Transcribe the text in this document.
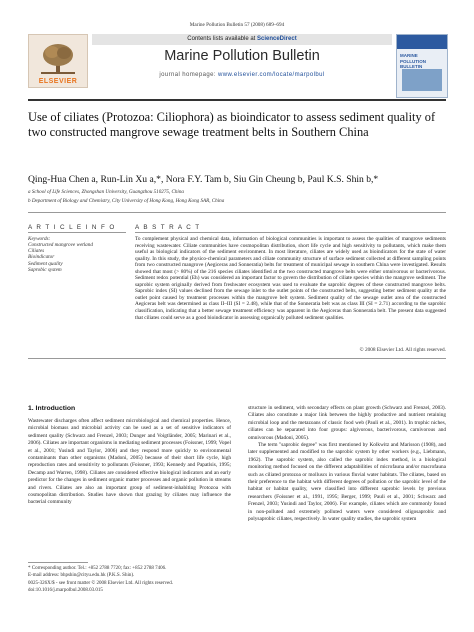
Marine Pollution Bulletin 57 (2008) 689–694
ELSEVIER
Contents lists available at ScienceDirect
Marine Pollution Bulletin
journal homepage: www.elsevier.com/locate/marpolbul
MARINE POLLUTION BULLETIN
Use of ciliates (Protozoa: Ciliophora) as bioindicator to assess sediment quality of two constructed mangrove sewage treatment belts in Southern China
Qing-Hua Chen a, Run-Lin Xu a,*, Nora F.Y. Tam b, Siu Gin Cheung b, Paul K.S. Shin b,*
a School of Life Sciences, Zhongshan University, Guangzhou 510275, China
b Department of Biology and Chemistry, City University of Hong Kong, Hong Kong SAR, China
A R T I C L E I N F O	A B S T R A C T
Keywords:
Constructed mangrove wetland
Ciliates
Bioindicator
Sediment quality
Saprobic system
To complement physical and chemical data, information of biological communities is important to assess the qualities of mangrove sediments receiving wastewater. Ciliate communities have cosmopolitan distribution, short life cycle and high sensitivity to pollutants, which make them useful as biological indicators of the sediment environment. In most literature, ciliates are widely used as bioindicators for the state of water quality. In this study, the physico-chemical parameters and ciliate community structure of surface sediment collected at different sampling points from two constructed mangrove (Aegiceras and Sonneratia) belts for treatment of municipal sewage in southern China were investigated. Results showed that most (> 80%) of the 216 species ciliates identified at the two constructed mangrove belts were either omnivorous or bacterivorous. Sediment redox potential (Eh) was considered an important factor to govern the distribution of ciliate species within the mangrove sediment. The saprobic system originally derived from freshwater ecosystem was used to evaluate the saprobic degrees of these constructed mangrove belts. Saprobic index (SI) values declined from the sewage inlet to the outlet points of the constructed belts, suggesting better sediment quality at the outlet point caused by treatment processes within the mangrove belt system. Sediment quality of the sewage outlet area of the constructed Aegiceras belt was determined as class II–III (SI = 2.48), while that of the Sonneratia belt was as class III (SI = 2.71) according to the saprobic classification, indicating that a better sewage treatment efficiency was apparent in the Aegiceras than Sonneratia belt. The present data suggested that ciliates could serve as a good bioindicator in assessing organically polluted sediment qualities.
© 2008 Elsevier Ltd. All rights reserved.
1. Introduction
Wastewater discharges often affect sediment microbiological and chemical properties. Hence, microbial biomass and microbial activity can be used as a set of sensitive indicators of sediment quality (Schwarz and Frenzel, 2003; Dunger and Voigtländer, 2005; Marinari et al., 2006). Ciliates are important organisms in mediating sediment processes (Foissner, 1999; Vopel et al., 2001; Yusindi and Taylor, 2006) and they respond more quickly to environmental contaminants than other organisms (Madoni, 2005) because of their short life cycle, high reproduction rates and sensitivity to pollutants (Foissner, 1993; Kennedy and Papatlsis, 1995; Decamp and Warren, 1998). Ciliates are considered effective biological indicators and an early predictor for the changes in sediment organic matter processes and organic pollution in streams and rivers. Ciliates are also an important group of sediment-inhabiting Protozoa with cosmopolitan distribution. Studies have shown that grazing by ciliates may influence the bacterial community
structure in sediment, with secondary effects on plant growth (Schwarz and Frenzel, 2003). Ciliates also constitute a major link between the highly productive and nutrient retaining microbial loop and the metazoans of classic food web (Pauli et al., 2001). In trophic niches, ciliates can be separated into four groups: algivorous, bacterivorous, carnivorous and omnivorous (Madoni, 2005).
The term "saprobic degree" was first mentioned by Kolkwitz and Marisson (1908), and later supplemented and modified to the saprobic system by other workers (e.g., Liebmann, 1962). The saprobic system, also called the saprobic index method, is a biological monitoring method focused on the different adaptabilities of microfauna and/or macrofauna such as ciliated protozoa or molluscs in various fluvial water habitats. The ciliates, based on their preference to the habitat with different degrees of pollution or the saprobic level of the habitat or habitat quality, were classified into different saprobic levels by previous researchers (Foissner et al., 1991, 1995; Berger, 1999; Pauli et al., 2001; Schwarz and Frenzel, 2003; Yusindi and Taylor, 2006). For example, ciliates which are commonly found in non-polluted and extremely polluted waters were considered oligosaprobic and polysaprobic ciliates, respectively. In water quality studies, the saprobic system
* Corresponding author. Tel.: +852 2788 7720; fax: +852 2788 7406.
E-mail address: bhpshin@cityu.edu.hk (P.K.S. Shin).
0025-326X/$ - see front matter © 2008 Elsevier Ltd. All rights reserved.
doi:10.1016/j.marpolbul.2008.03.015
